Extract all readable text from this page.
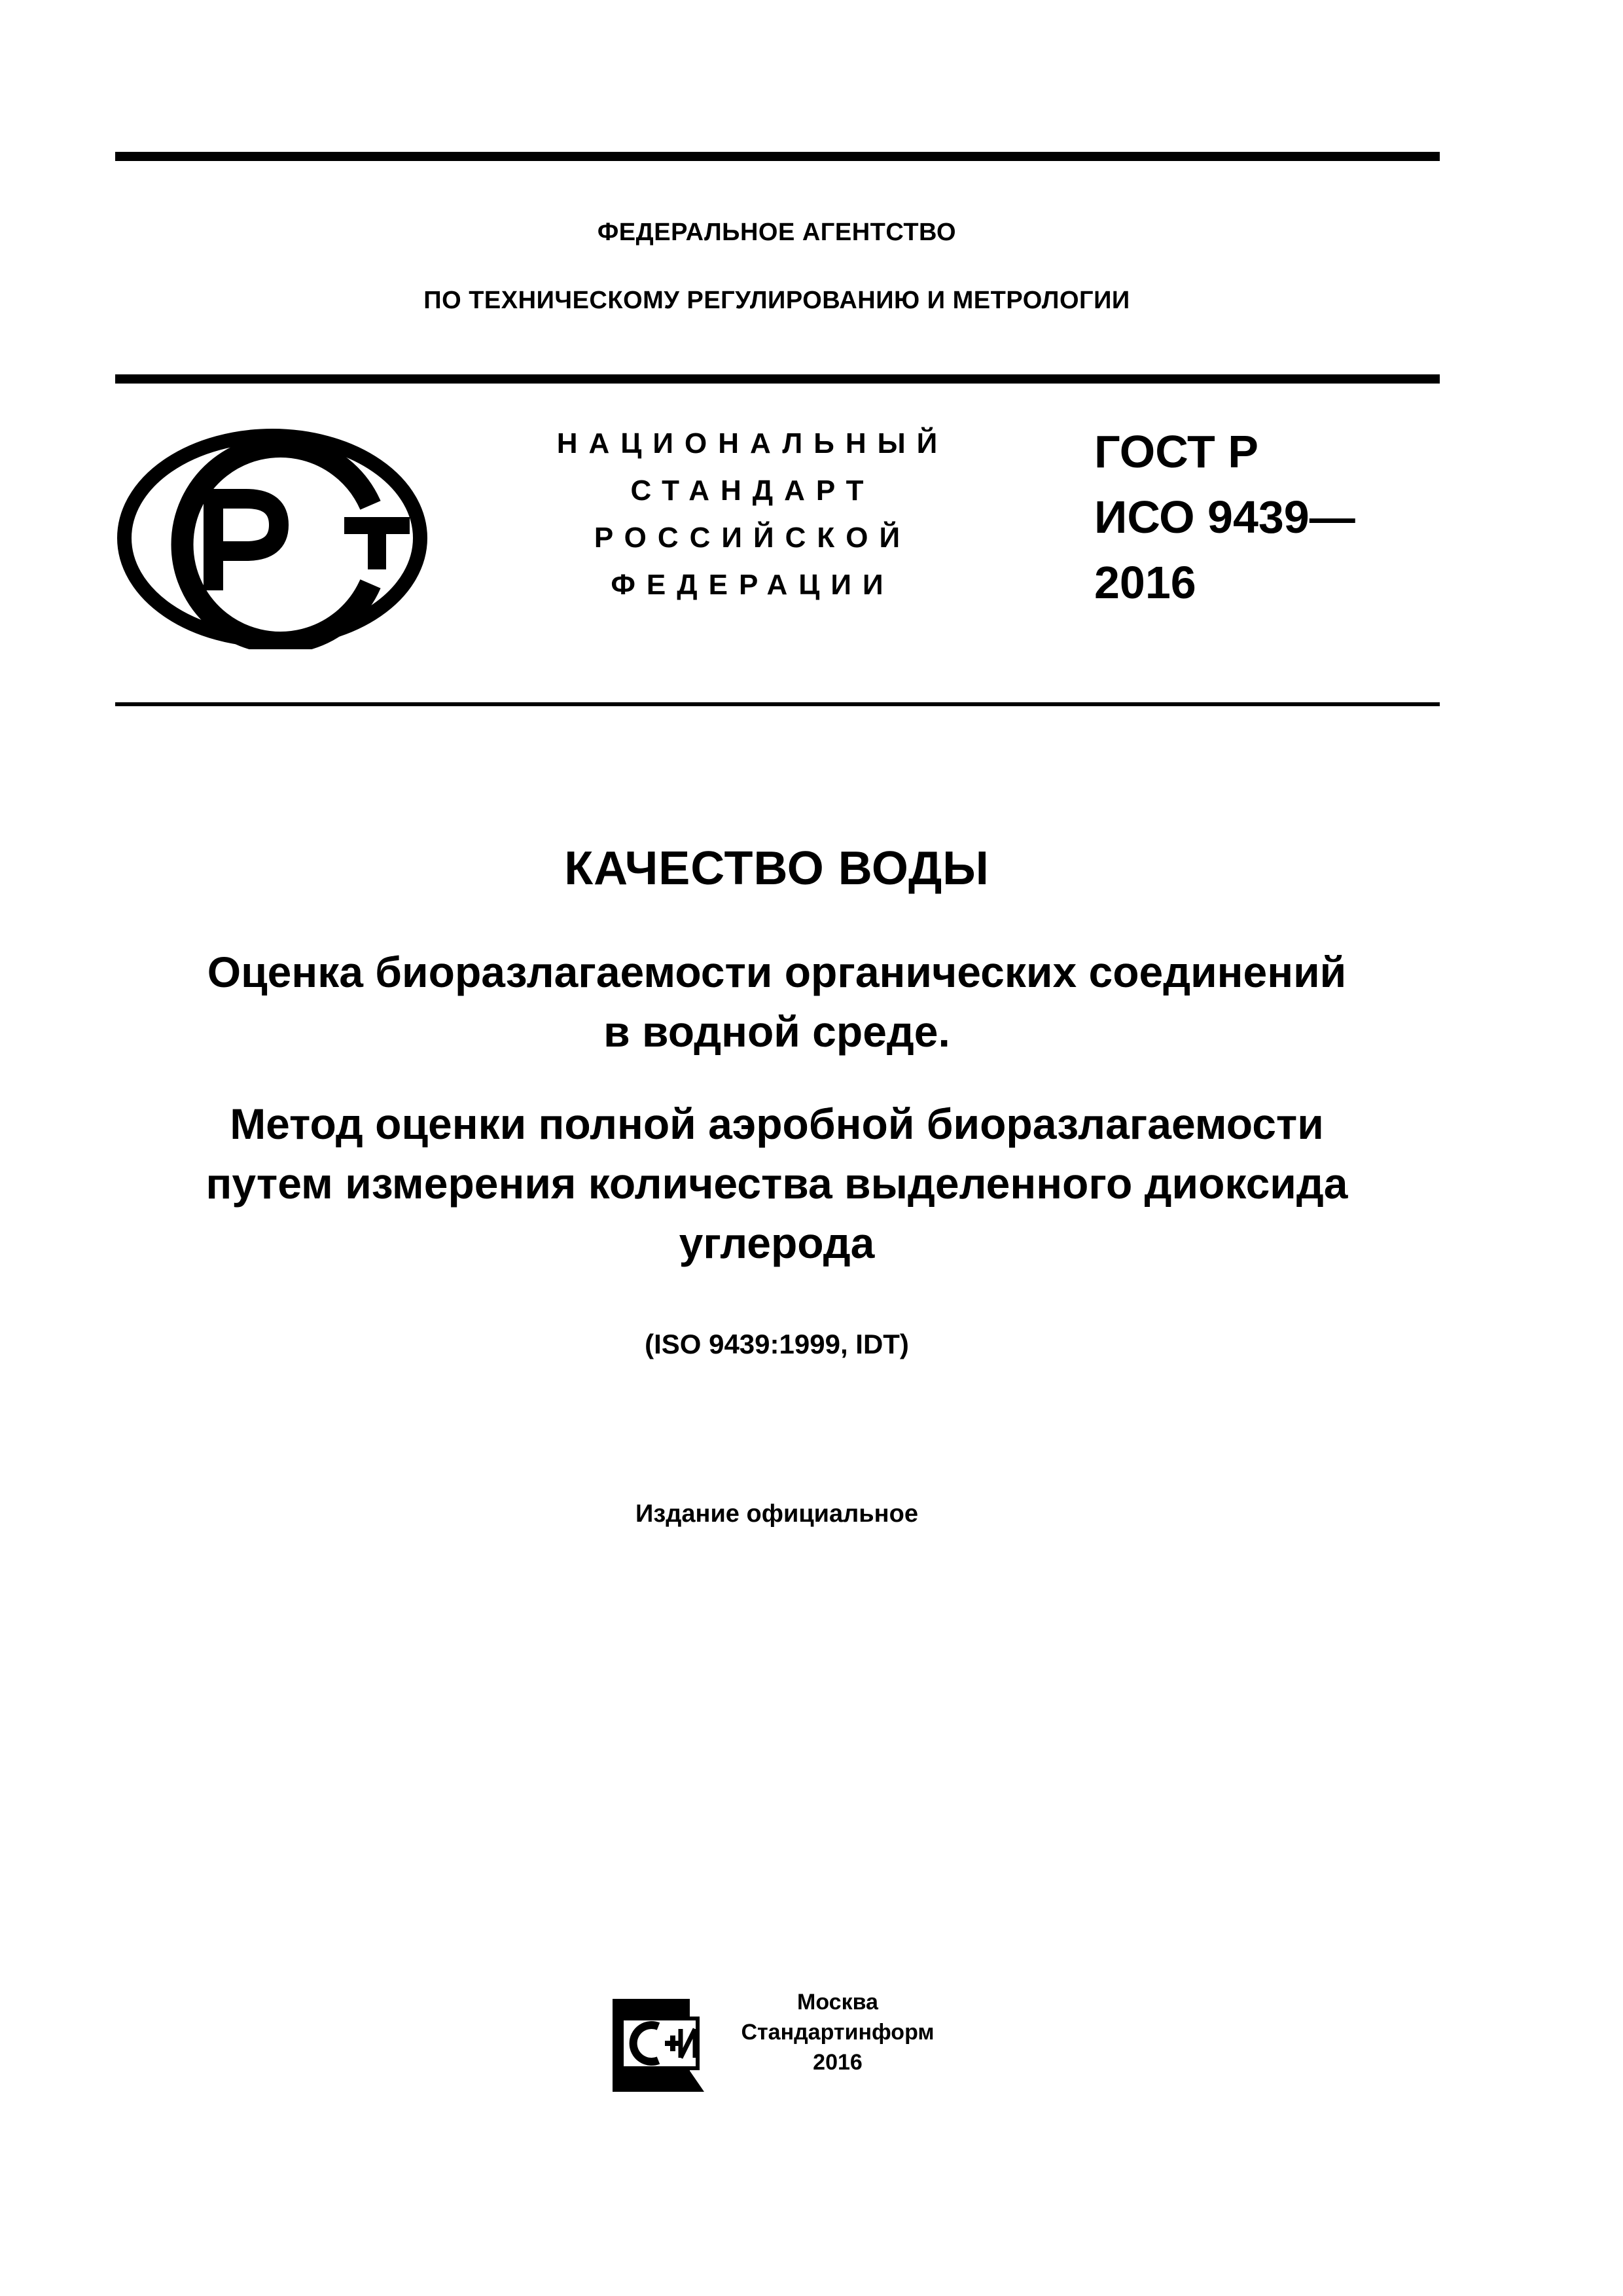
ФЕДЕРАЛЬНОЕ АГЕНТСТВО
ПО ТЕХНИЧЕСКОМУ РЕГУЛИРОВАНИЮ И МЕТРОЛОГИИ
НАЦИОНАЛЬНЫЙ
СТАНДАРТ
РОССИЙСКОЙ
ФЕДЕРАЦИИ
ГОСТ Р
ИСО 9439—
2016
КАЧЕСТВО ВОДЫ
Оценка биоразлагаемости органических соединений
в водной среде.
Метод оценки полной аэробной биоразлагаемости
путем измерения количества выделенного диоксида
углерода
(ISO 9439:1999, IDT)
Издание официальное
Москва
Стандартинформ
2016
